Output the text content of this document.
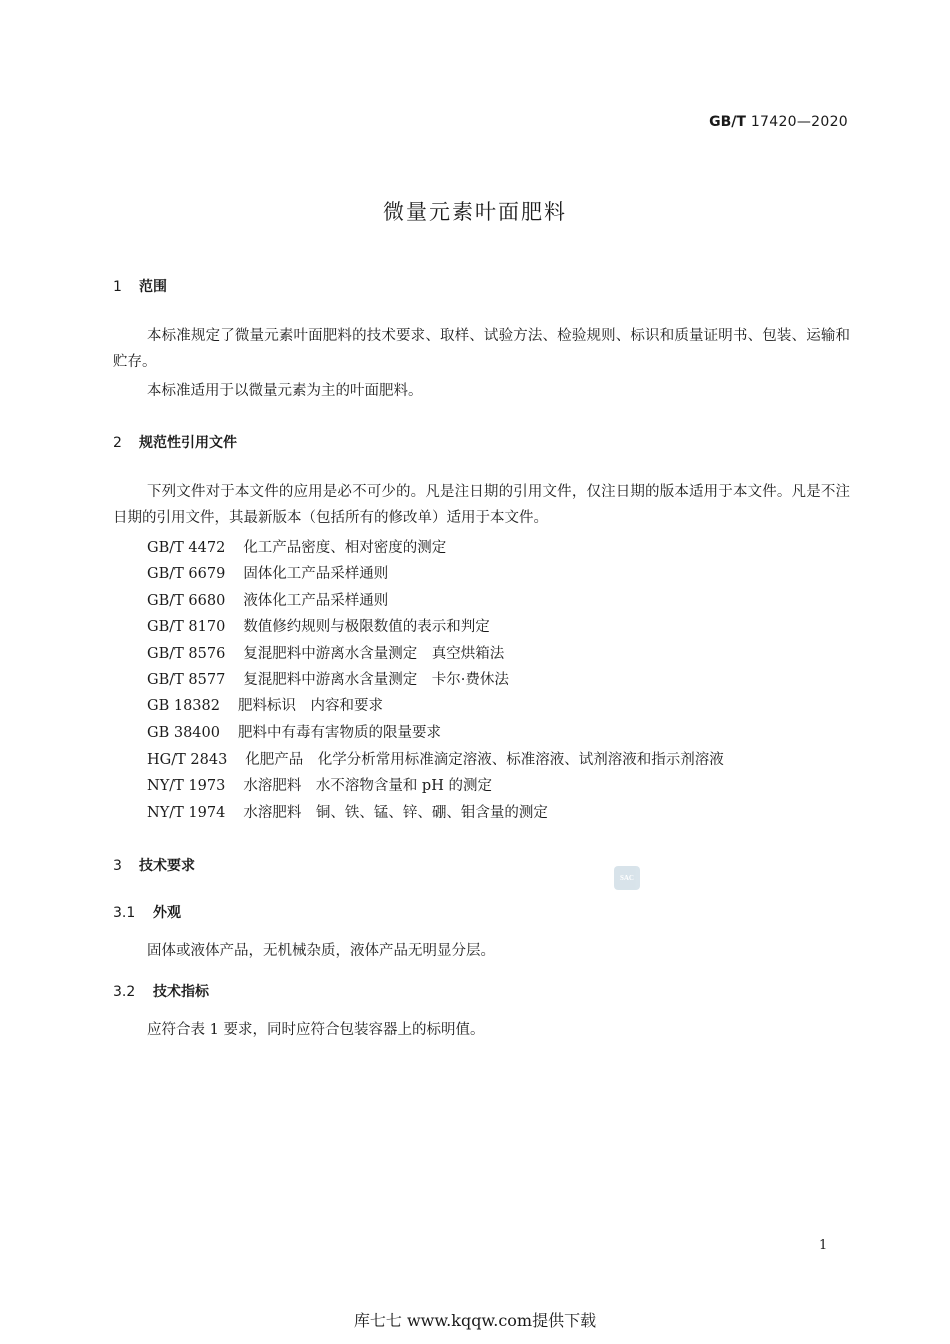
GB/T 17420—2020
微量元素叶面肥料
1 范围
本标准规定了微量元素叶面肥料的技术要求、取样、试验方法、检验规则、标识和质量证明书、包装、运输和贮存。
本标准适用于以微量元素为主的叶面肥料。
2 规范性引用文件
下列文件对于本文件的应用是必不可少的。凡是注日期的引用文件，仅注日期的版本适用于本文件。凡是不注日期的引用文件，其最新版本（包括所有的修改单）适用于本文件。
GB/T 4472 化工产品密度、相对密度的测定
GB/T 6679 固体化工产品采样通则
GB/T 6680 液体化工产品采样通则
GB/T 8170 数值修约规则与极限数值的表示和判定
GB/T 8576 复混肥料中游离水含量测定　真空烘箱法
GB/T 8577 复混肥料中游离水含量测定　卡尔·费休法
GB 18382 肥料标识　内容和要求
GB 38400 肥料中有毒有害物质的限量要求
HG/T 2843 化肥产品　化学分析常用标准滴定溶液、标准溶液、试剂溶液和指示剂溶液
NY/T 1973 水溶肥料　水不溶物含量和 pH 的测定
NY/T 1974 水溶肥料　铜、铁、锰、锌、硼、钼含量的测定
3 技术要求
SAC
3.1 外观
固体或液体产品，无机械杂质，液体产品无明显分层。
3.2 技术指标
应符合表 1 要求，同时应符合包装容器上的标明值。
1
库七七 www.kqqw.com提供下载
